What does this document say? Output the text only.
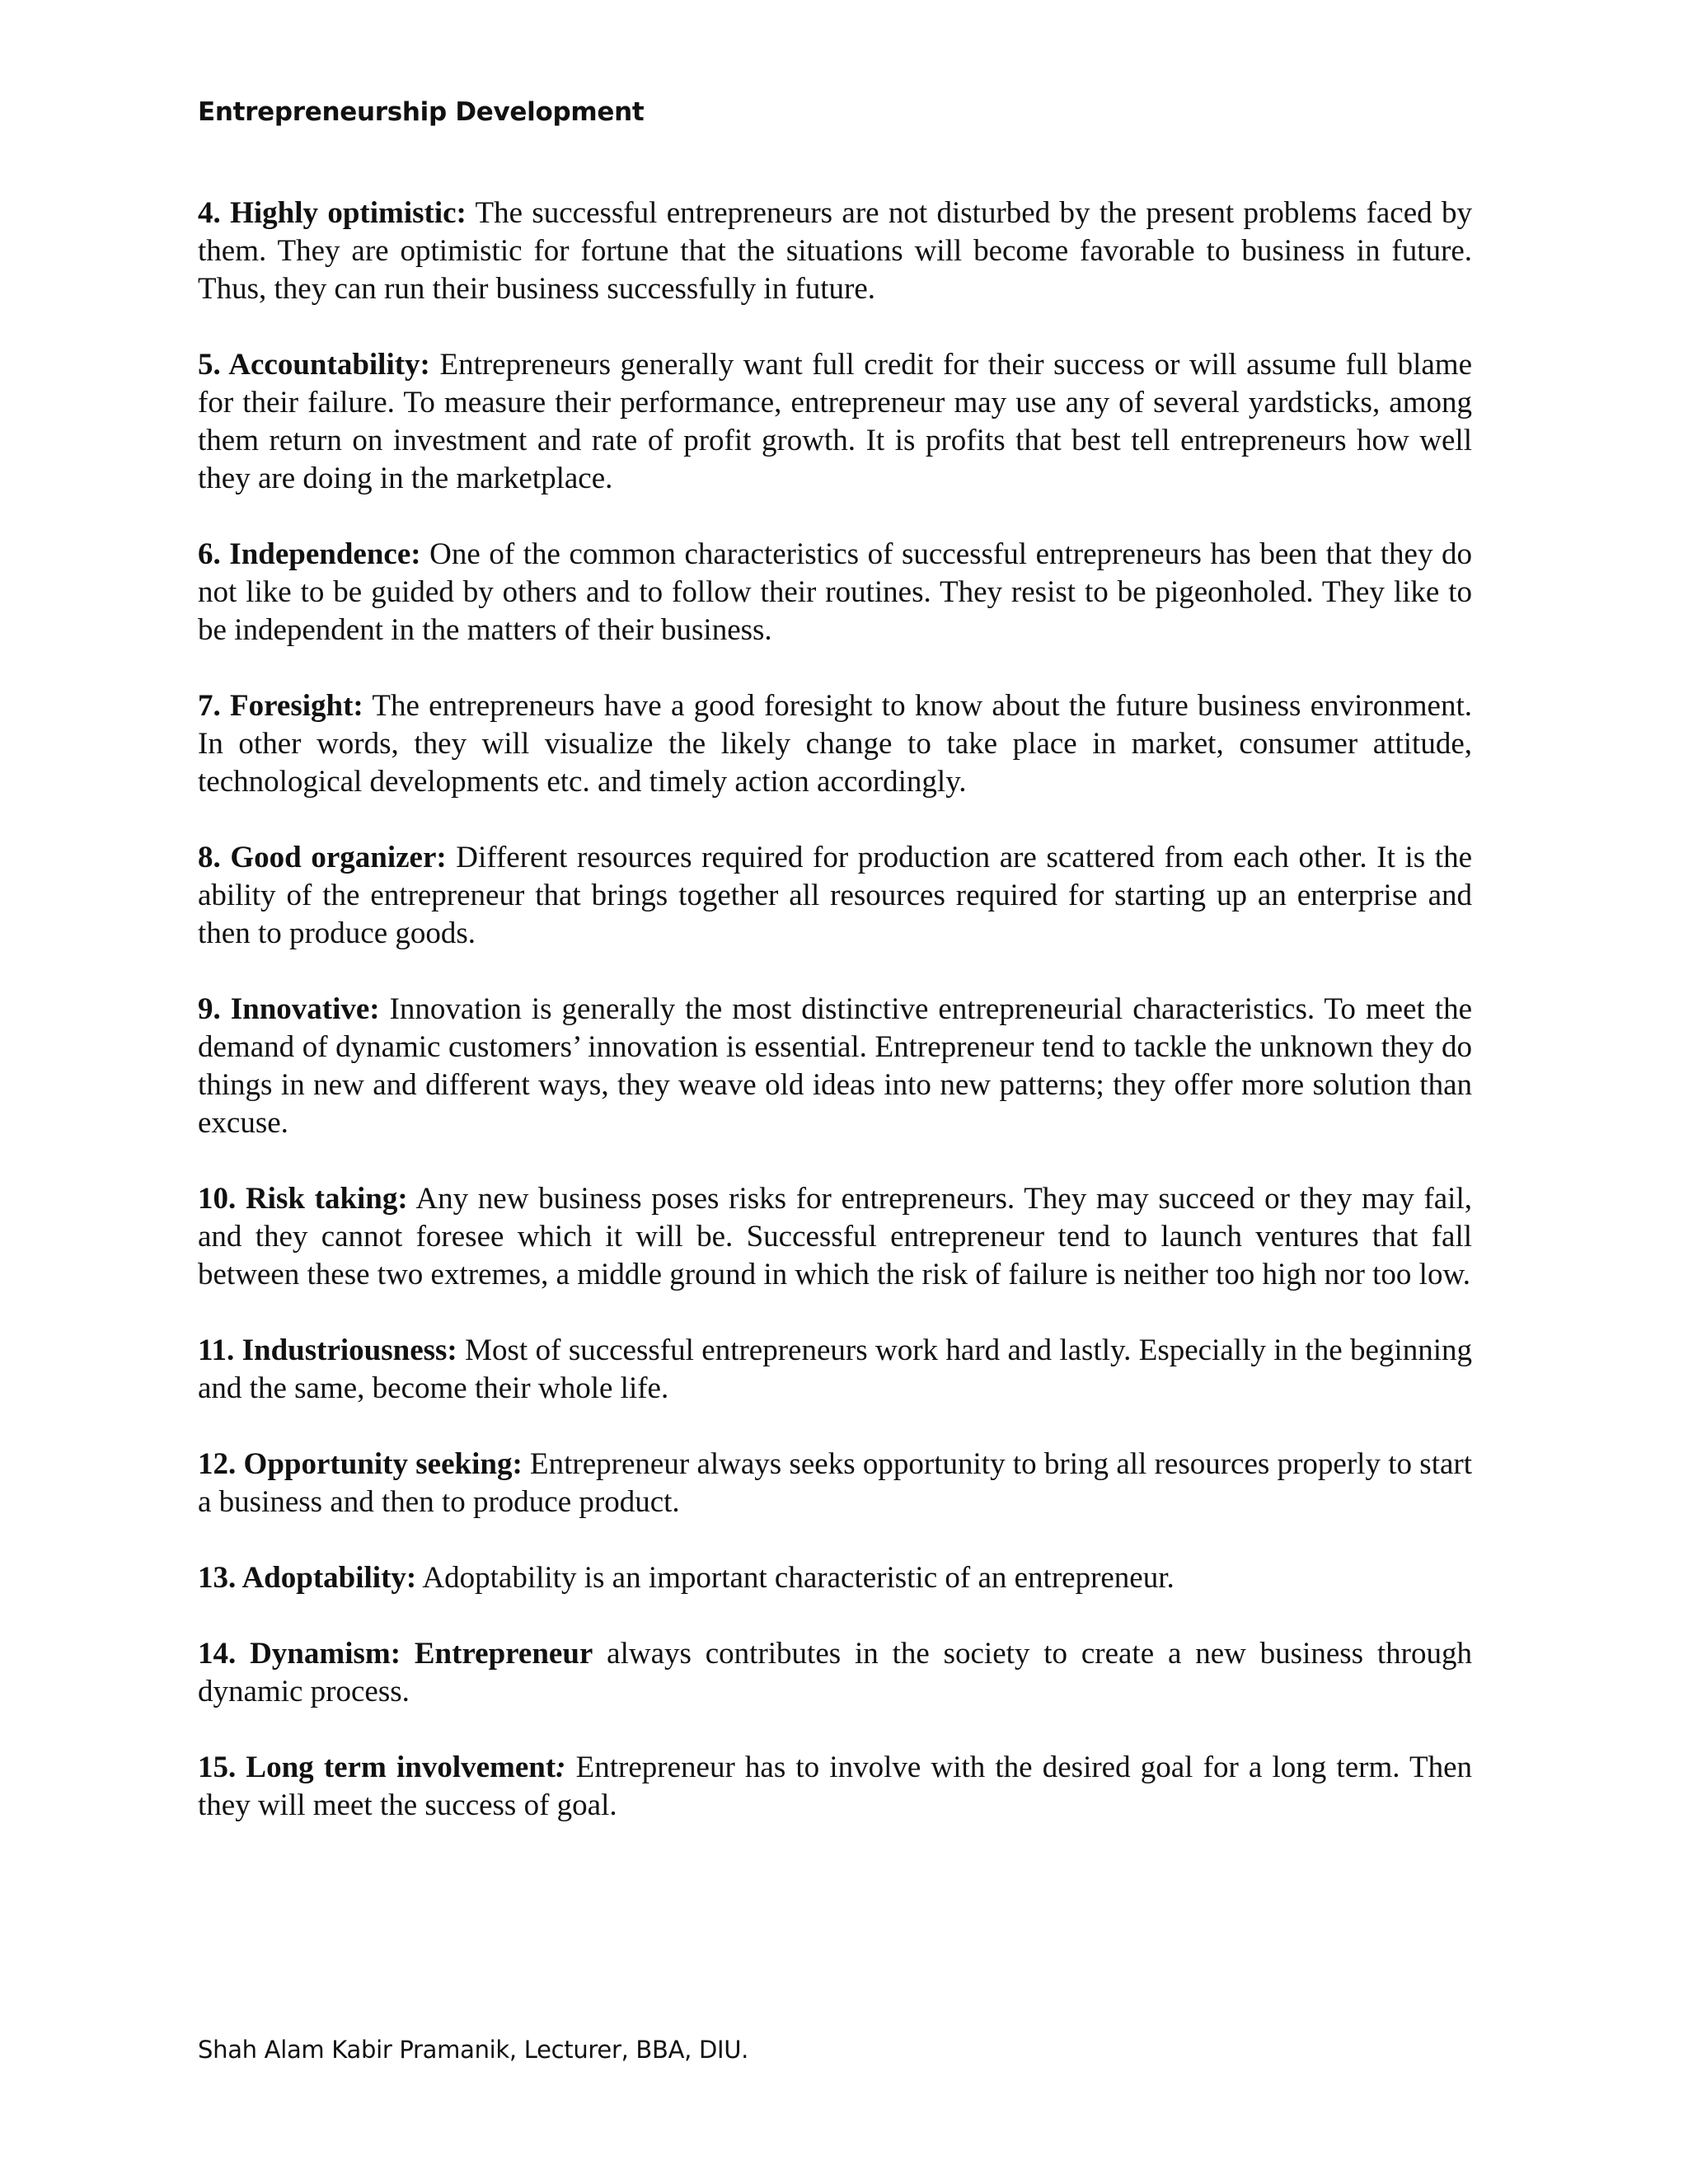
Entrepreneurship Development

4. Highly optimistic: The successful entrepreneurs are not disturbed by the present problems faced by them. They are optimistic for fortune that the situations will become favorable to business in future. Thus, they can run their business successfully in future.

5. Accountability: Entrepreneurs generally want full credit for their success or will assume full blame for their failure. To measure their performance, entrepreneur may use any of several yardsticks, among them return on investment and rate of profit growth. It is profits that best tell entrepreneurs how well they are doing in the marketplace.

6. Independence: One of the common characteristics of successful entrepreneurs has been that they do not like to be guided by others and to follow their routines. They resist to be pigeonholed. They like to be independent in the matters of their business.

7. Foresight: The entrepreneurs have a good foresight to know about the future business environment. In other words, they will visualize the likely change to take place in market, consumer attitude, technological developments etc. and timely action accordingly.

8. Good organizer: Different resources required for production are scattered from each other. It is the ability of the entrepreneur that brings together all resources required for starting up an enterprise and then to produce goods.

9. Innovative: Innovation is generally the most distinctive entrepreneurial characteristics. To meet the demand of dynamic customers’ innovation is essential. Entrepreneur tend to tackle the unknown they do things in new and different ways, they weave old ideas into new patterns; they offer more solution than excuse.

10. Risk taking: Any new business poses risks for entrepreneurs. They may succeed or they may fail, and they cannot foresee which it will be. Successful entrepreneur tend to launch ventures that fall between these two extremes, a middle ground in which the risk of failure is neither too high nor too low.

11. Industriousness: Most of successful entrepreneurs work hard and lastly. Especially in the beginning and the same, become their whole life.

12. Opportunity seeking: Entrepreneur always seeks opportunity to bring all resources properly to start a business and then to produce product.

13. Adoptability: Adoptability is an important characteristic of an entrepreneur.

14. Dynamism: Entrepreneur always contributes in the society to create a new business through dynamic process.

15. Long term involvement: Entrepreneur has to involve with the desired goal for a long term. Then they will meet the success of goal.

Shah Alam Kabir Pramanik, Lecturer, BBA, DIU.
